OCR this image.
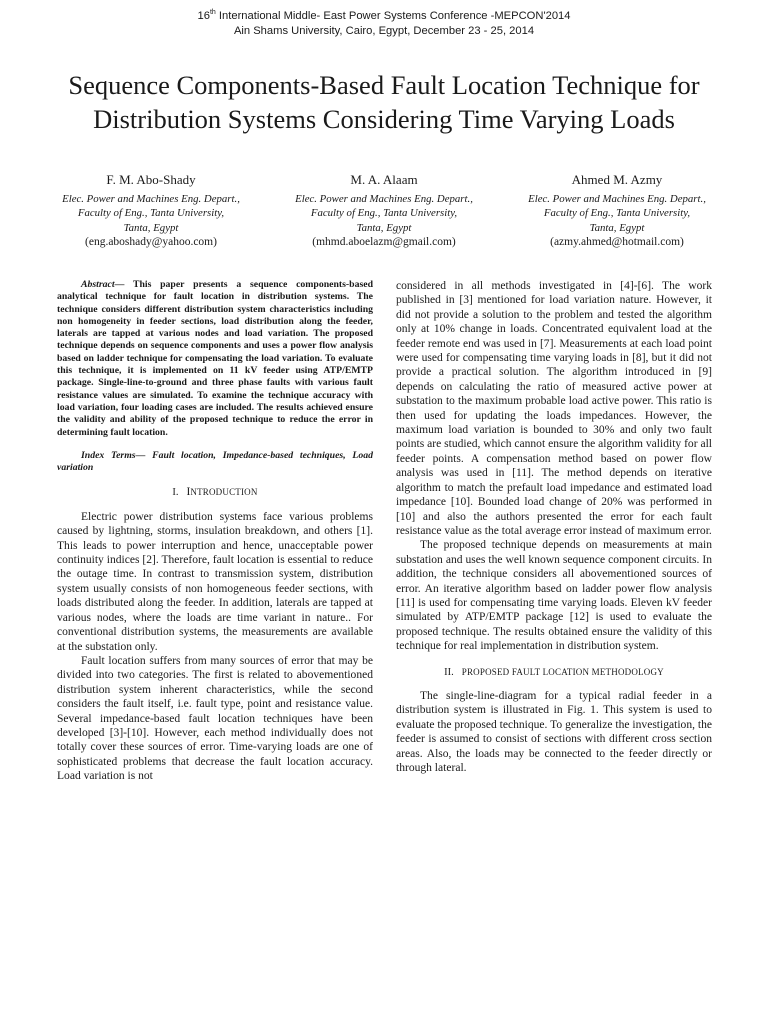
16th International Middle- East Power Systems Conference -MEPCON'2014
Ain Shams University, Cairo, Egypt, December 23 - 25, 2014
Sequence Components-Based Fault Location Technique for
Distribution Systems Considering Time Varying Loads
F. M. Abo-Shady
Elec. Power and Machines Eng. Depart.,
Faculty of Eng., Tanta University,
Tanta, Egypt
(eng.aboshady@yahoo.com)
M. A. Alaam
Elec. Power and Machines Eng. Depart.,
Faculty of Eng., Tanta University,
Tanta, Egypt
(mhmd.aboelazm@gmail.com)
Ahmed M. Azmy
Elec. Power and Machines Eng. Depart.,
Faculty of Eng., Tanta University,
Tanta, Egypt
(azmy.ahmed@hotmail.com)

Abstract— This paper presents a sequence components-based analytical technique for fault location in distribution systems. The technique considers different distribution system characteristics including non homogeneity in feeder sections, load distribution along the feeder, laterals are tapped at various nodes and load variation. The proposed technique depends on sequence components and uses a power flow analysis based on ladder technique for compensating the load variation. To evaluate this technique, it is implemented on 11 kV feeder using ATP/EMTP package. Single-line-to-ground and three phase faults with various fault resistance values are simulated. To examine the technique accuracy with load variation, four loading cases are included. The results achieved ensure the validity and ability of the proposed technique to reduce the error in determining fault location.

Index Terms— Fault location, Impedance-based techniques, Load variation

I. INTRODUCTION

Electric power distribution systems face various problems caused by lightning, storms, insulation breakdown, and others [1]. This leads to power interruption and hence, unacceptable power continuity indices [2]. Therefore, fault location is essential to reduce the outage time. In contrast to transmission system, distribution system usually consists of non homogeneous feeder sections, with loads distributed along the feeder. In addition, laterals are tapped at various nodes, where the loads are time variant in nature.. For conventional distribution systems, the measurements are available at the substation only.

Fault location suffers from many sources of error that may be divided into two categories. The first is related to abovementioned distribution system inherent characteristics, while the second considers the fault itself, i.e. fault type, point and resistance value. Several impedance-based fault location techniques have been developed [3]-[10]. However, each method individually does not totally cover these sources of error. Time-varying loads are one of sophisticated problems that decrease the fault location accuracy. Load variation is not

considered in all methods investigated in [4]-[6]. The work published in [3] mentioned for load variation nature. However, it did not provide a solution to the problem and tested the algorithm only at 10% change in loads. Concentrated equivalent load at the feeder remote end was used in [7]. Measurements at each load point were used for compensating time varying loads in [8], but it did not provide a practical solution. The algorithm introduced in [9] depends on calculating the ratio of measured active power at substation to the maximum probable load active power. This ratio is then used for updating the loads impedances. However, the maximum load variation is bounded to 30% and only two fault points are studied, which cannot ensure the algorithm validity for all feeder points. A compensation method based on power flow analysis was used in [11]. The method depends on iterative algorithm to match the prefault load impedance and estimated load impedance [10]. Bounded load change of 20% was performed in [10] and also the authors presented the error for each fault resistance value as the total average error instead of maximum error.

The proposed technique depends on measurements at main substation and uses the well known sequence component circuits. In addition, the technique considers all abovementioned sources of error. An iterative algorithm based on ladder power flow analysis [11] is used for compensating time varying loads. Eleven kV feeder simulated by ATP/EMTP package [12] is used to evaluate the proposed technique. The results obtained ensure the validity of this technique for real implementation in distribution system.

II. PROPOSED FAULT LOCATION METHODOLOGY

The single-line-diagram for a typical radial feeder in a distribution system is illustrated in Fig. 1. This system is used to evaluate the proposed technique. To generalize the investigation, the feeder is assumed to consist of sections with different cross section areas. Also, the loads may be connected to the feeder directly or through lateral.
